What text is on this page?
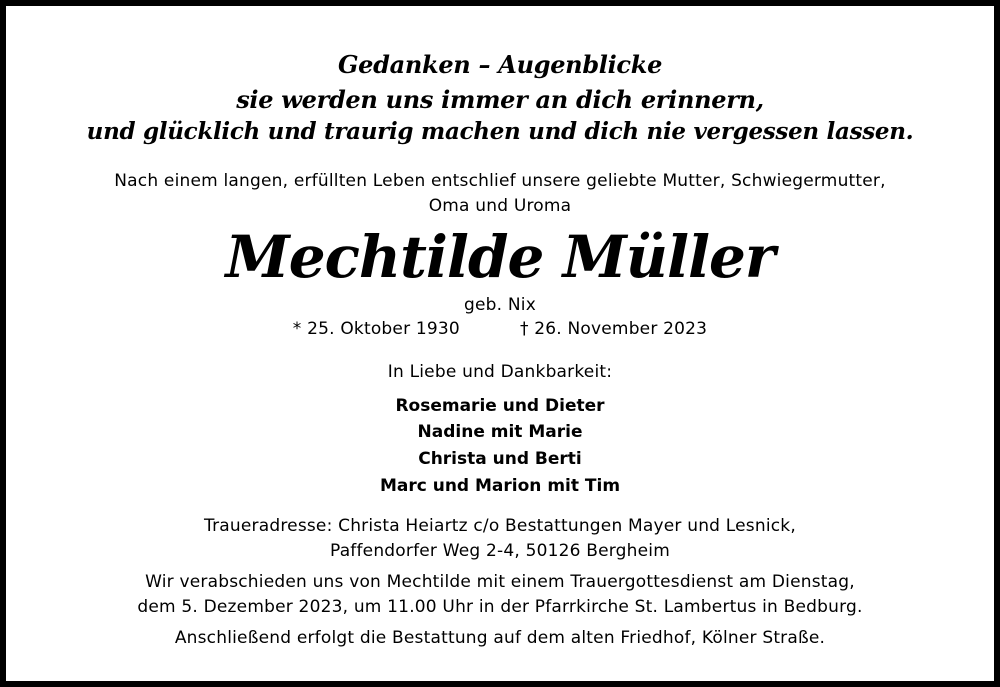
Gedanken – Augenblicke
sie werden uns immer an dich erinnern,
und glücklich und traurig machen und dich nie vergessen lassen.
Nach einem langen, erfüllten Leben entschlief unsere geliebte Mutter, Schwiegermutter,
Oma und Uroma
Mechtilde Müller
geb. Nix
* 25. Oktober 1930	† 26. November 2023
In Liebe und Dankbarkeit:
Rosemarie und Dieter
Nadine mit Marie
Christa und Berti
Marc und Marion mit Tim
Traueradresse: Christa Heiartz c/o Bestattungen Mayer und Lesnick,
Paffendorfer Weg 2-4, 50126 Bergheim
Wir verabschieden uns von Mechtilde mit einem Trauergottesdienst am Dienstag,
dem 5. Dezember 2023, um 11.00 Uhr in der Pfarrkirche St. Lambertus in Bedburg.
Anschließend erfolgt die Bestattung auf dem alten Friedhof, Kölner Straße.
